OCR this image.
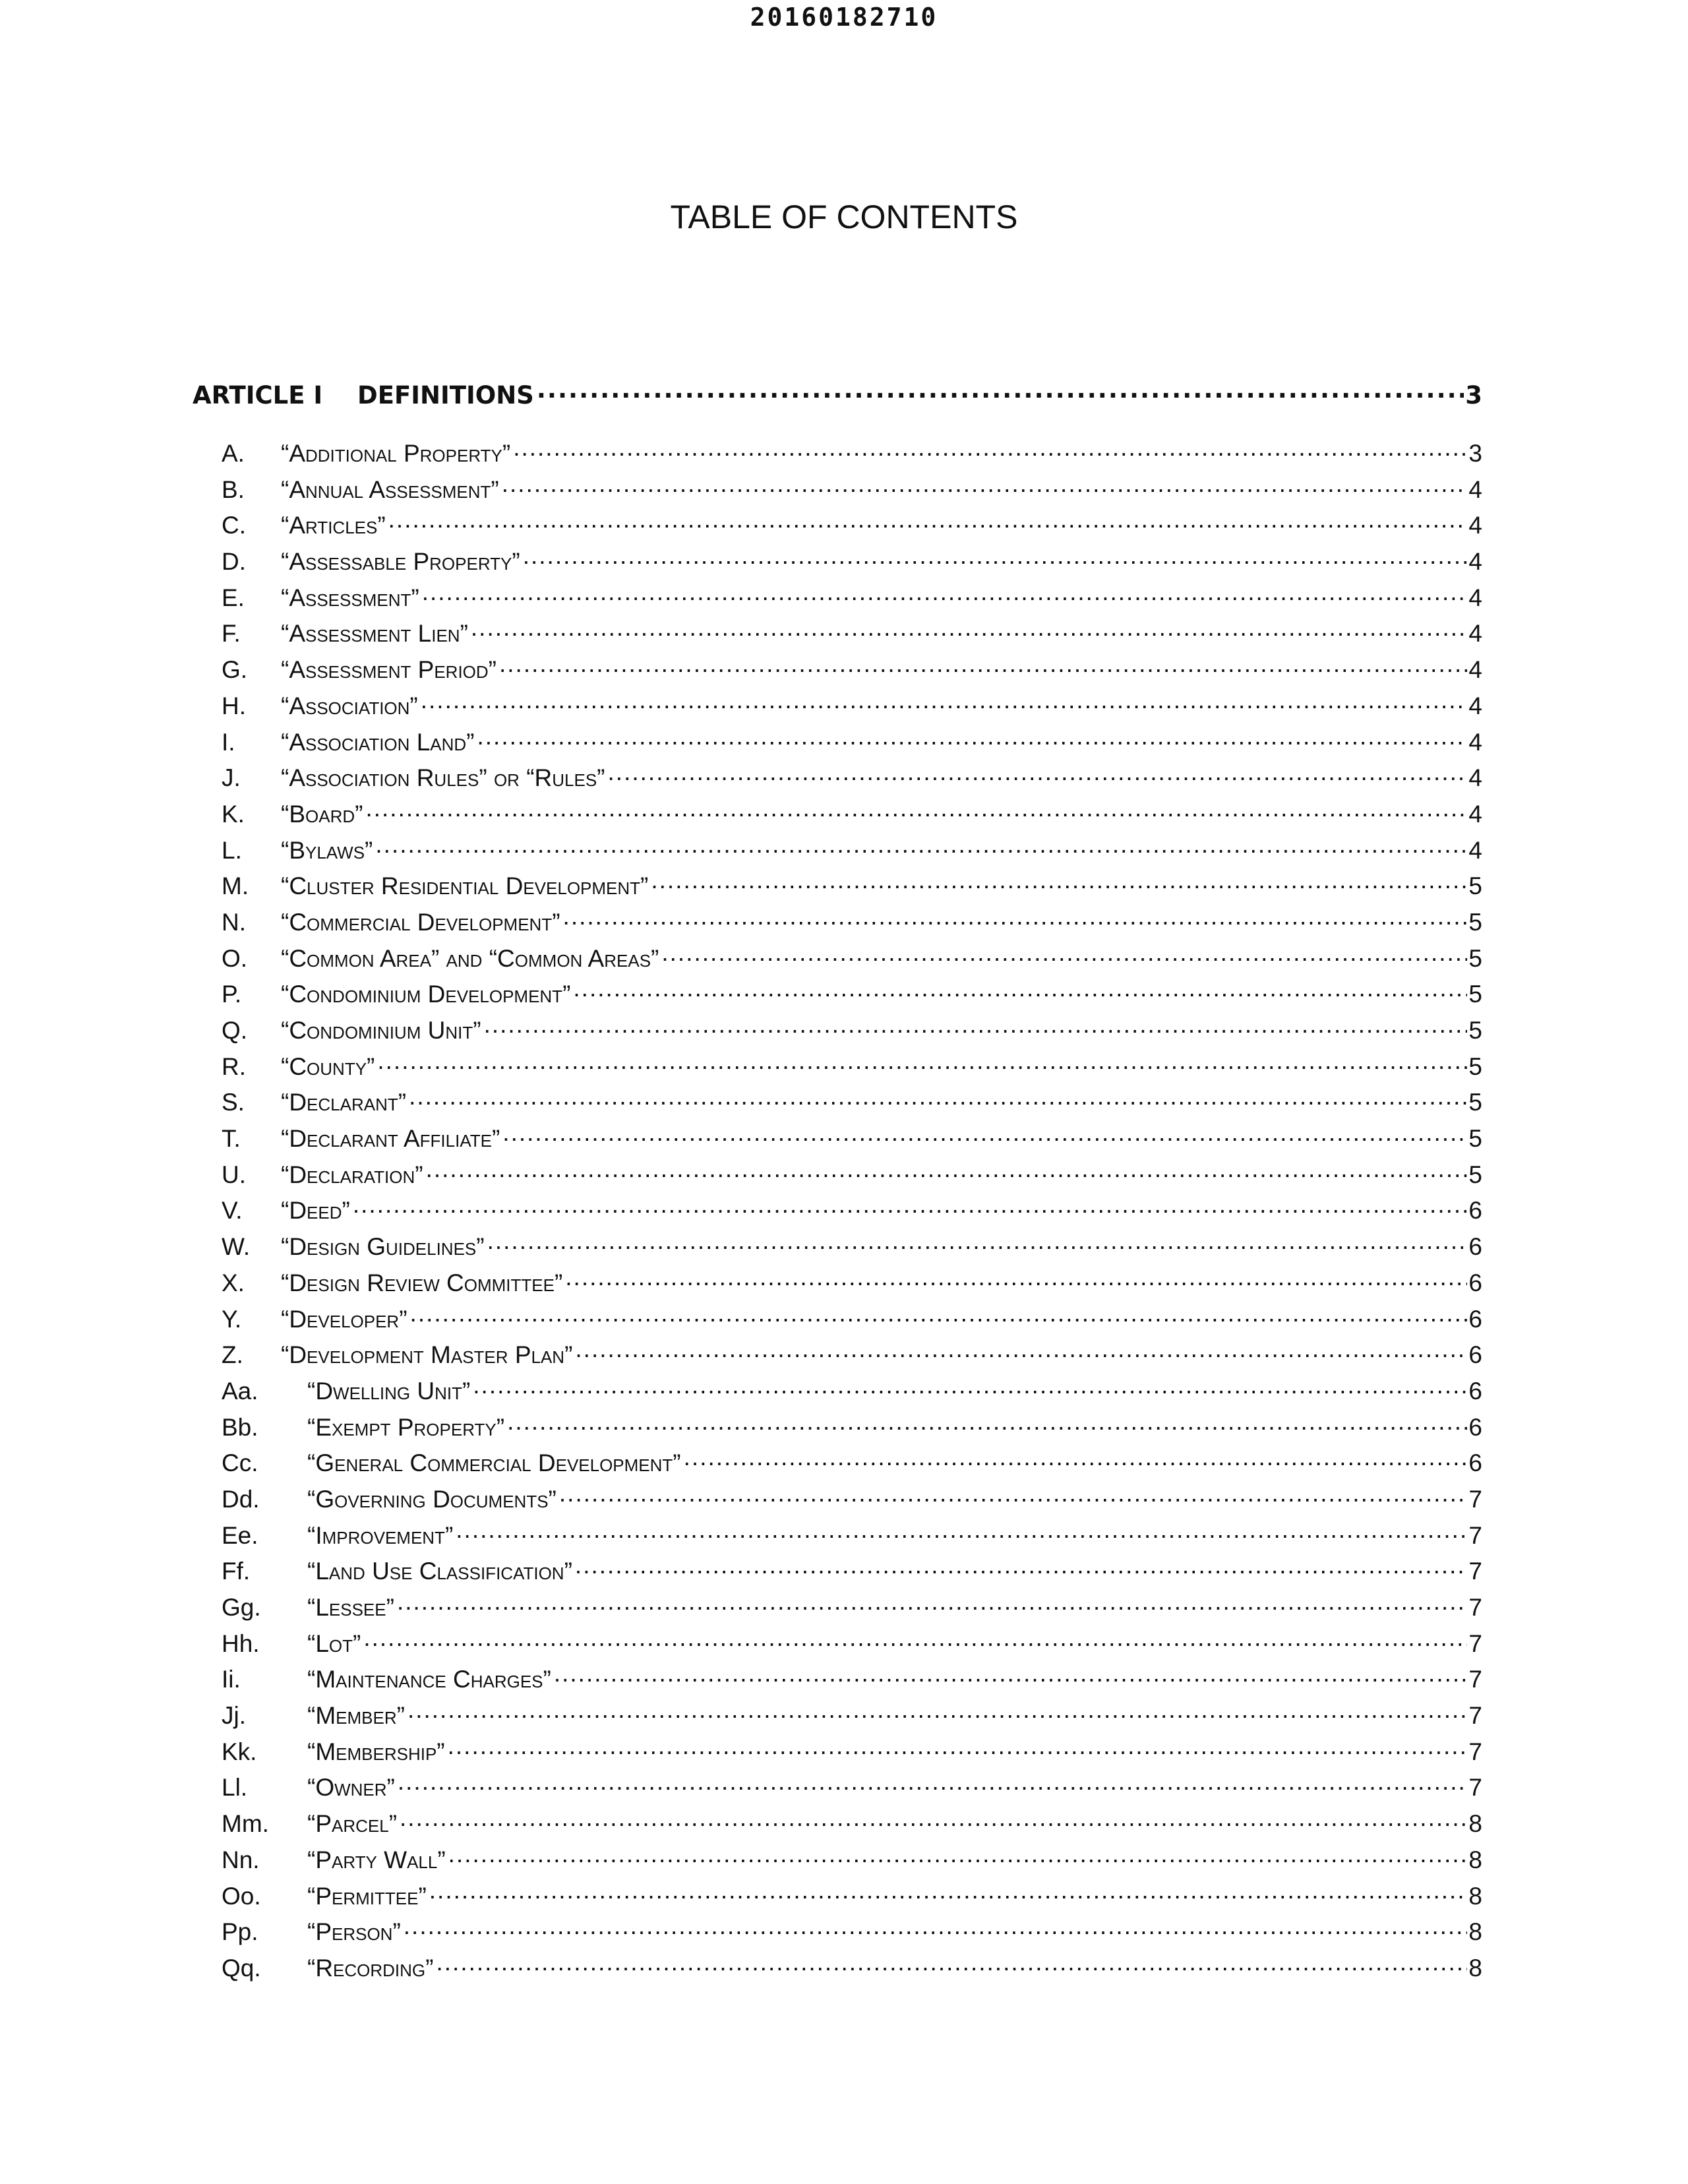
20160182710
TABLE OF CONTENTS
ARTICLE I	DEFINITIONS .....	3
A.	“Additional Property” .....	3
B.	“Annual Assessment” .....	4
C.	“Articles” .....	4
D.	“Assessable Property” .....	4
E.	“Assessment” .....	4
F.	“Assessment Lien” .....	4
G.	“Assessment Period” .....	4
H.	“Association” .....	4
I.	“Association Land” .....	4
J.	“Association Rules” or “Rules” .....	4
K.	“Board” .....	4
L.	“Bylaws” .....	4
M.	“Cluster Residential Development” .....	5
N.	“Commercial Development” .....	5
O.	“Common Area” and “Common Areas” .....	5
P.	“Condominium Development” .....	5
Q.	“Condominium Unit” .....	5
R.	“County” .....	5
S.	“Declarant” .....	5
T.	“Declarant Affiliate” .....	5
U.	“Declaration” .....	5
V.	“Deed” .....	6
W.	“Design Guidelines” .....	6
X.	“Design Review Committee” .....	6
Y.	“Developer” .....	6
Z.	“Development Master Plan” .....	6
Aa.	“Dwelling Unit” .....	6
Bb.	“Exempt Property” .....	6
Cc.	“General Commercial Development” .....	6
Dd.	“Governing Documents” .....	7
Ee.	“Improvement” .....	7
Ff.	“Land Use Classification” .....	7
Gg.	“Lessee” .....	7
Hh.	“Lot” .....	7
Ii.	“Maintenance Charges” .....	7
Jj.	“Member” .....	7
Kk.	“Membership” .....	7
Ll.	“Owner” .....	7
Mm.	“Parcel” .....	8
Nn.	“Party Wall” .....	8
Oo.	“Permittee” .....	8
Pp.	“Person” .....	8
Qq.	“Recording” .....	8
